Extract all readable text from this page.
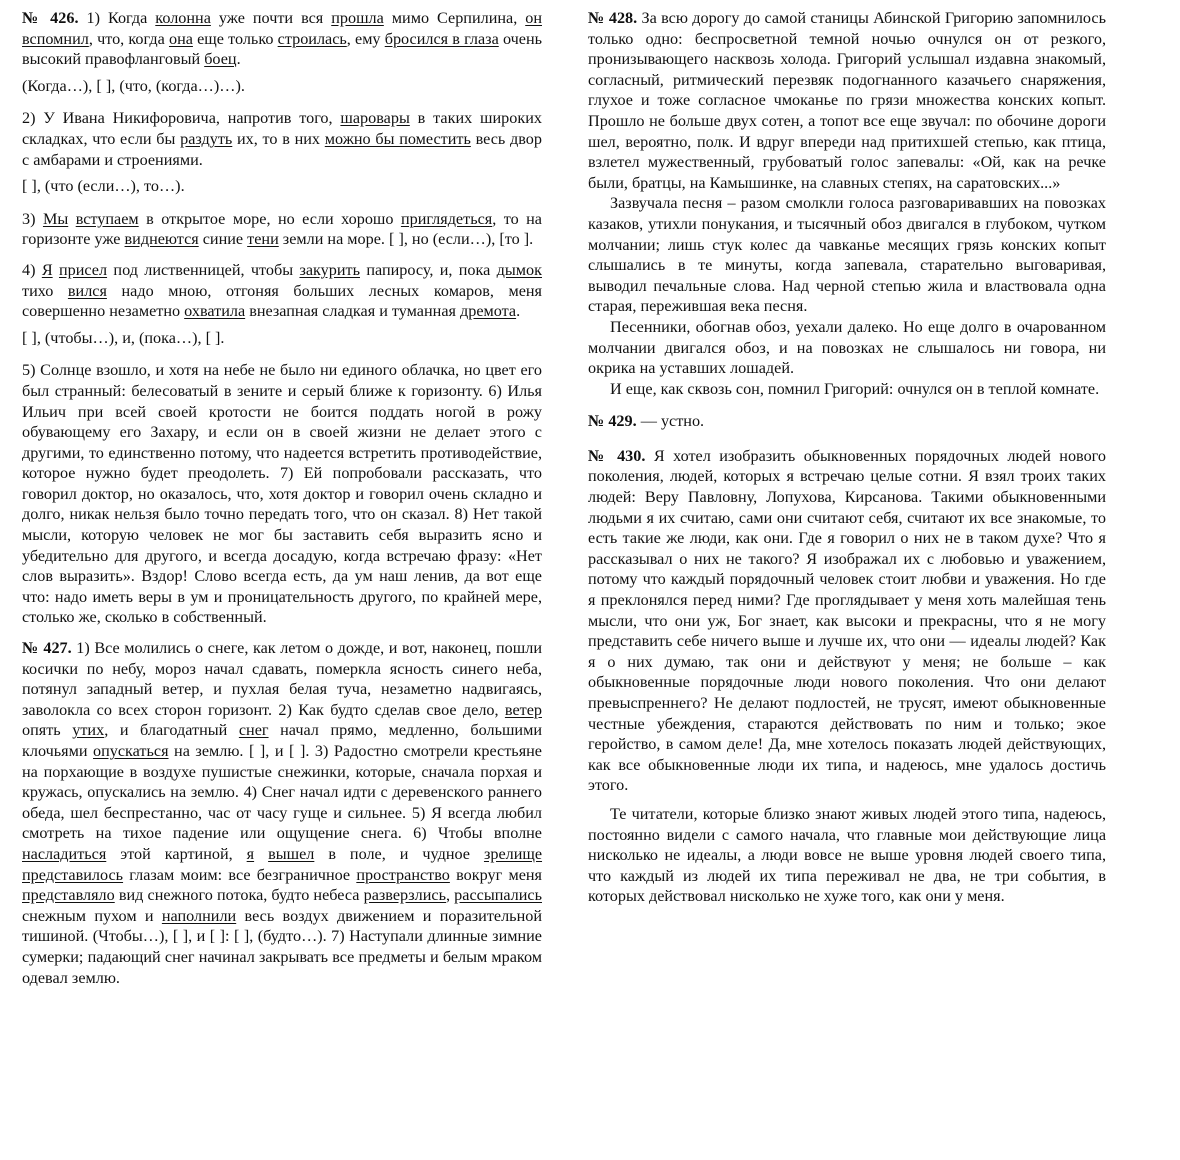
№ 426. 1) Когда колонна уже почти вся прошла мимо Серпилина, он вспомнил, что, когда она еще только строилась, ему бросился в глаза очень высокий правофланговый боец.

(Когда…), [ ], (что, (когда…)…).

2) У Ивана Никифоровича, напротив того, шаровары в таких широких складках, что если бы раздуть их, то в них можно бы поместить весь двор с амбарами и строениями.

[ ], (что (если…), то…).

3) Мы вступаем в открытое море, но если хорошо приглядеться, то на горизонте уже виднеются синие тени земли на море. [ ], но (если…), [то ].

4) Я присел под лиственницей, чтобы закурить папиросу, и, пока дымок тихо вился надо мною, отгоняя больших лесных комаров, меня совершенно незаметно охватила внезапная сладкая и туманная дремота.

[ ], (чтобы…), и, (пока…), [ ].

5) Солнце взошло, и хотя на небе не было ни единого облачка, но цвет его был странный: белесоватый в зените и серый ближе к горизонту. 6) Илья Ильич при всей своей кротости не боится поддать ногой в рожу обувающему его Захару, и если он в своей жизни не делает этого с другими, то единственно потому, что надеется встретить противодействие, которое нужно будет преодолеть. 7) Ей попробовали рассказать, что говорил доктор, но оказалось, что, хотя доктор и говорил очень складно и долго, никак нельзя было точно передать того, что он сказал. 8) Нет такой мысли, которую человек не мог бы заставить себя выразить ясно и убедительно для другого, и всегда досадую, когда встречаю фразу: «Нет слов выразить». Вздор! Слово всегда есть, да ум наш ленив, да вот еще что: надо иметь веры в ум и проницательность другого, по крайней мере, столько же, сколько в собственный.

№ 427. 1) Все молились о снеге, как летом о дожде, и вот, наконец, пошли косички по небу, мороз начал сдавать, померкла ясность синего неба, потянул западный ветер, и пухлая белая туча, незаметно надвигаясь, заволокла со всех сторон горизонт. 2) Как будто сделав свое дело, ветер опять утих, и благодатный снег начал прямо, медленно, большими клочьями опускаться на землю. [ ], и [ ]. 3) Радостно смотрели крестьяне на порхающие в воздухе пушистые снежинки, которые, сначала порхая и кружась, опускались на землю. 4) Снег начал идти с деревенского раннего обеда, шел беспрестанно, час от часу гуще и сильнее. 5) Я всегда любил смотреть на тихое падение или ощущение снега. 6) Чтобы вполне насладиться этой картиной, я вышел в поле, и чудное зрелище представилось глазам моим: все безграничное пространство вокруг меня представляло вид снежного потока, будто небеса разверзлись, рассыпались снежным пухом и наполнили весь воздух движением и поразительной тишиной. (Чтобы…), [ ], и [ ]: [ ], (будто…). 7) Наступали длинные зимние сумерки; падающий снег начинал закрывать все предметы и белым мраком одевал землю.

№ 428. За всю дорогу до самой станицы Абинской Григорию запомнилось только одно: беспросветной темной ночью очнулся он от резкого, пронизывающего насквозь холода. Григорий услышал издавна знакомый, согласный, ритмический перезвяк подогнанного казачьего снаряжения, глухое и тоже согласное чмоканье по грязи множества конских копыт. Прошло не больше двух сотен, а топот все еще звучал: по обочине дороги шел, вероятно, полк. И вдруг впереди над притихшей степью, как птица, взлетел мужественный, грубоватый голос запевалы: «Ой, как на речке были, братцы, на Камышинке, на славных степях, на саратовских...»

Зазвучала песня – разом смолкли голоса разговаривавших на повозках казаков, утихли понукания, и тысячный обоз двигался в глубоком, чутком молчании; лишь стук колес да чавканье месящих грязь конских копыт слышались в те минуты, когда запевала, старательно выговаривая, выводил печальные слова. Над черной степью жила и властвовала одна старая, пережившая века песня.

Песенники, обогнав обоз, уехали далеко. Но еще долго в очарованном молчании двигался обоз, и на повозках не слышалось ни говора, ни окрика на уставших лошадей.

И еще, как сквозь сон, помнил Григорий: очнулся он в теплой комнате.

№ 429. — устно.

№ 430. Я хотел изобразить обыкновенных порядочных людей нового поколения, людей, которых я встречаю целые сотни. Я взял троих таких людей: Веру Павловну, Лопухова, Кирсанова. Такими обыкновенными людьми я их считаю, сами они считают себя, считают их все знакомые, то есть такие же люди, как они. Где я говорил о них не в таком духе? Что я рассказывал о них не такого? Я изображал их с любовью и уважением, потому что каждый порядочный человек стоит любви и уважения. Но где я преклонялся перед ними? Где проглядывает у меня хоть малейшая тень мысли, что они уж, Бог знает, как высоки и прекрасны, что я не могу представить себе ничего выше и лучше их, что они — идеалы людей? Как я о них думаю, так они и действуют у меня; не больше – как обыкновенные порядочные люди нового поколения. Что они делают превыспреннего? Не делают подлостей, не трусят, имеют обыкновенные честные убеждения, стараются действовать по ним и только; экое геройство, в самом деле! Да, мне хотелось показать людей действующих, как все обыкновенные люди их типа, и надеюсь, мне удалось достичь этого.

Те читатели, которые близко знают живых людей этого типа, надеюсь, постоянно видели с самого начала, что главные мои действующие лица нисколько не идеалы, а люди вовсе не выше уровня людей своего типа, что каждый из людей их типа переживал не два, не три события, в которых действовал нисколько не хуже того, как они у меня.
